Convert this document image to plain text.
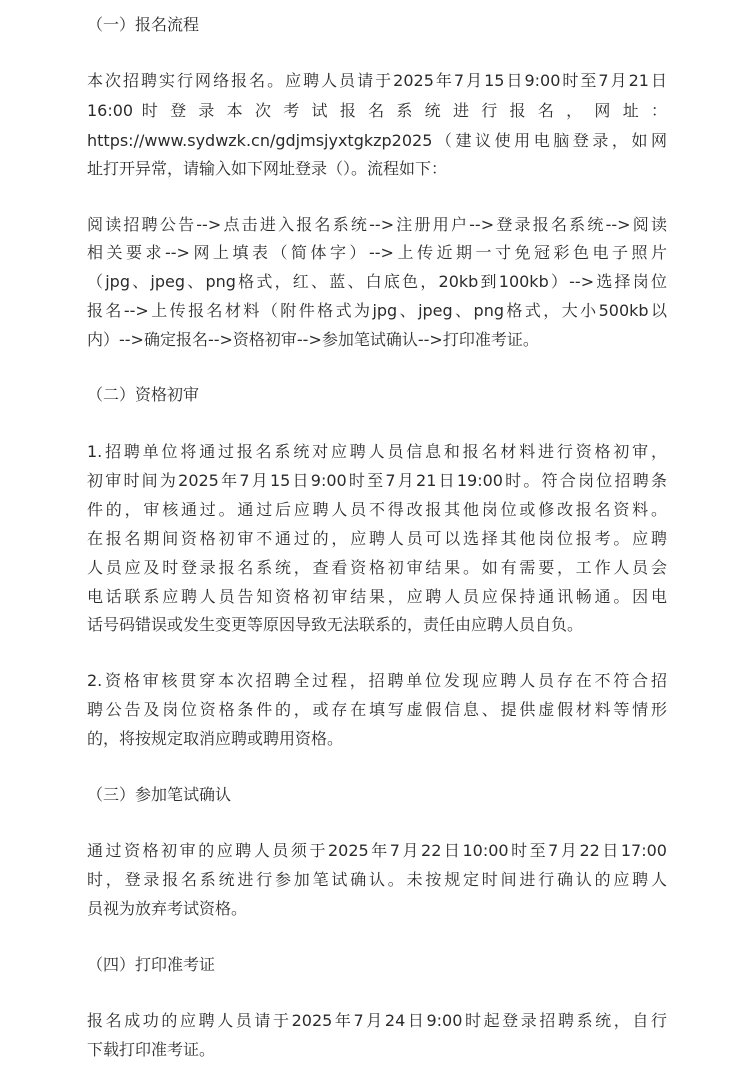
（一）报名流程
本次招聘实行网络报名。应聘人员请于2025年7月15日9:00时至7月21日
16:00 时 登 录 本 次 考 试 报 名 系 统 进 行 报 名 ， 网 址 ：
https://www.sydwzk.cn/gdjmsjyxtgkzp2025（建议使用电脑登录，如网
址打开异常，请输入如下网址登录（）。流程如下：
阅读招聘公告-->点击进入报名系统-->注册用户-->登录报名系统-->阅读
相关要求-->网上填表（简体字）-->上传近期一寸免冠彩色电子照片
（jpg、jpeg、png格式，红、蓝、白底色，20kb到100kb）-->选择岗位
报名-->上传报名材料（附件格式为jpg、jpeg、png格式，大小500kb以
内）-->确定报名-->资格初审-->参加笔试确认-->打印准考证。
（二）资格初审
1.招聘单位将通过报名系统对应聘人员信息和报名材料进行资格初审，
初审时间为2025年7月15日9:00时至7月21日19:00时。符合岗位招聘条
件的，审核通过。通过后应聘人员不得改报其他岗位或修改报名资料。
在报名期间资格初审不通过的，应聘人员可以选择其他岗位报考。应聘
人员应及时登录报名系统，查看资格初审结果。如有需要，工作人员会
电话联系应聘人员告知资格初审结果，应聘人员应保持通讯畅通。因电
话号码错误或发生变更等原因导致无法联系的，责任由应聘人员自负。
2.资格审核贯穿本次招聘全过程，招聘单位发现应聘人员存在不符合招
聘公告及岗位资格条件的，或存在填写虚假信息、提供虚假材料等情形
的，将按规定取消应聘或聘用资格。
（三）参加笔试确认
通过资格初审的应聘人员须于2025年7月22日10:00时至7月22日17:00
时，登录报名系统进行参加笔试确认。未按规定时间进行确认的应聘人
员视为放弃考试资格。
（四）打印准考证
报名成功的应聘人员请于2025年7月24日9:00时起登录招聘系统，自行
下载打印准考证。
